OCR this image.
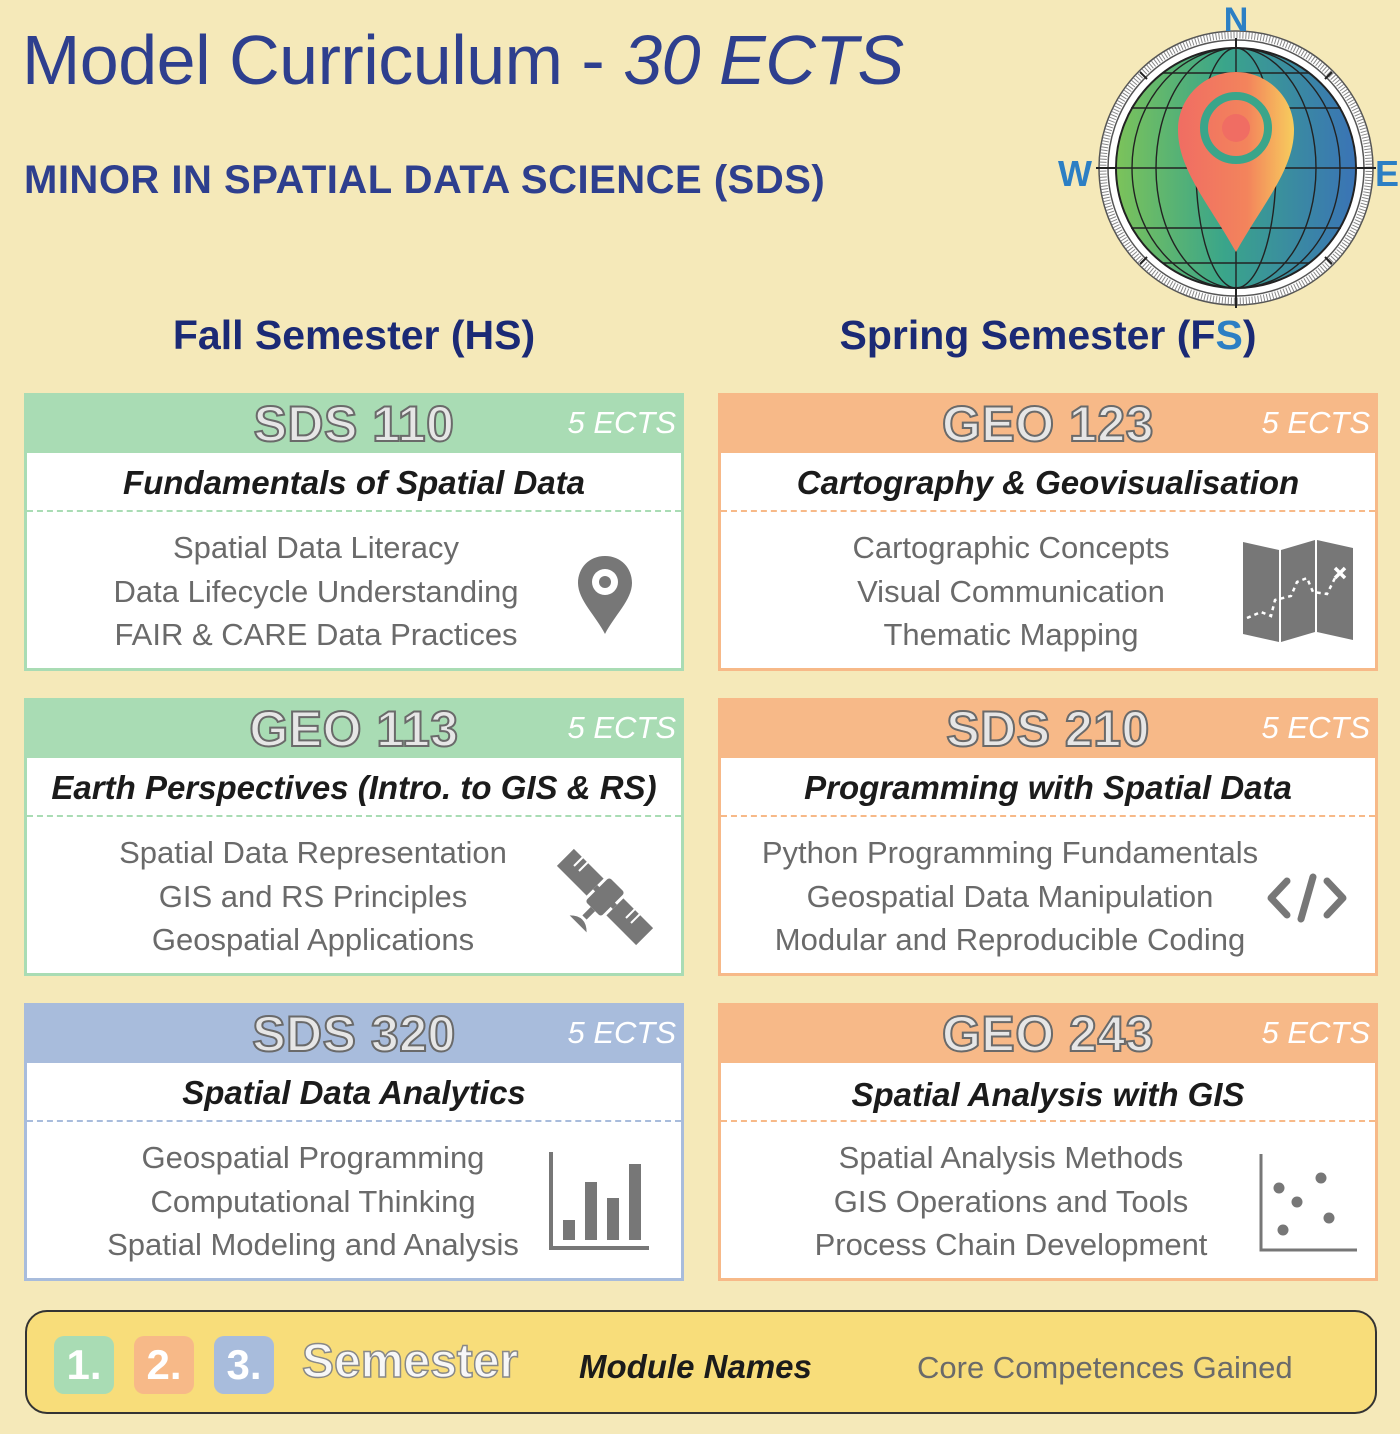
Model Curriculum - 30 ECTS
MINOR IN SPATIAL DATA SCIENCE (SDS)
N
W	E
Fall Semester (HS)	Spring Semester (FS)
SDS 110	5 ECTS
Fundamentals of Spatial Data
Spatial Data Literacy
Data Lifecycle Understanding
FAIR & CARE Data Practices
GEO 113	5 ECTS
Earth Perspectives (Intro. to GIS & RS)
Spatial Data Representation
GIS and RS Principles
Geospatial Applications
SDS 320	5 ECTS
Spatial Data Analytics
Geospatial Programming
Computational Thinking
Spatial Modeling and Analysis
GEO 123	5 ECTS
Cartography & Geovisualisation
Cartographic Concepts
Visual Communication
Thematic Mapping
SDS 210	5 ECTS
Programming with Spatial Data
Python Programming Fundamentals
Geospatial Data Manipulation
Modular and Reproducible Coding
GEO 243	5 ECTS
Spatial Analysis with GIS
Spatial Analysis Methods
GIS Operations and Tools
Process Chain Development
1. 2. 3. Semester Module Names	Core Competences Gained
